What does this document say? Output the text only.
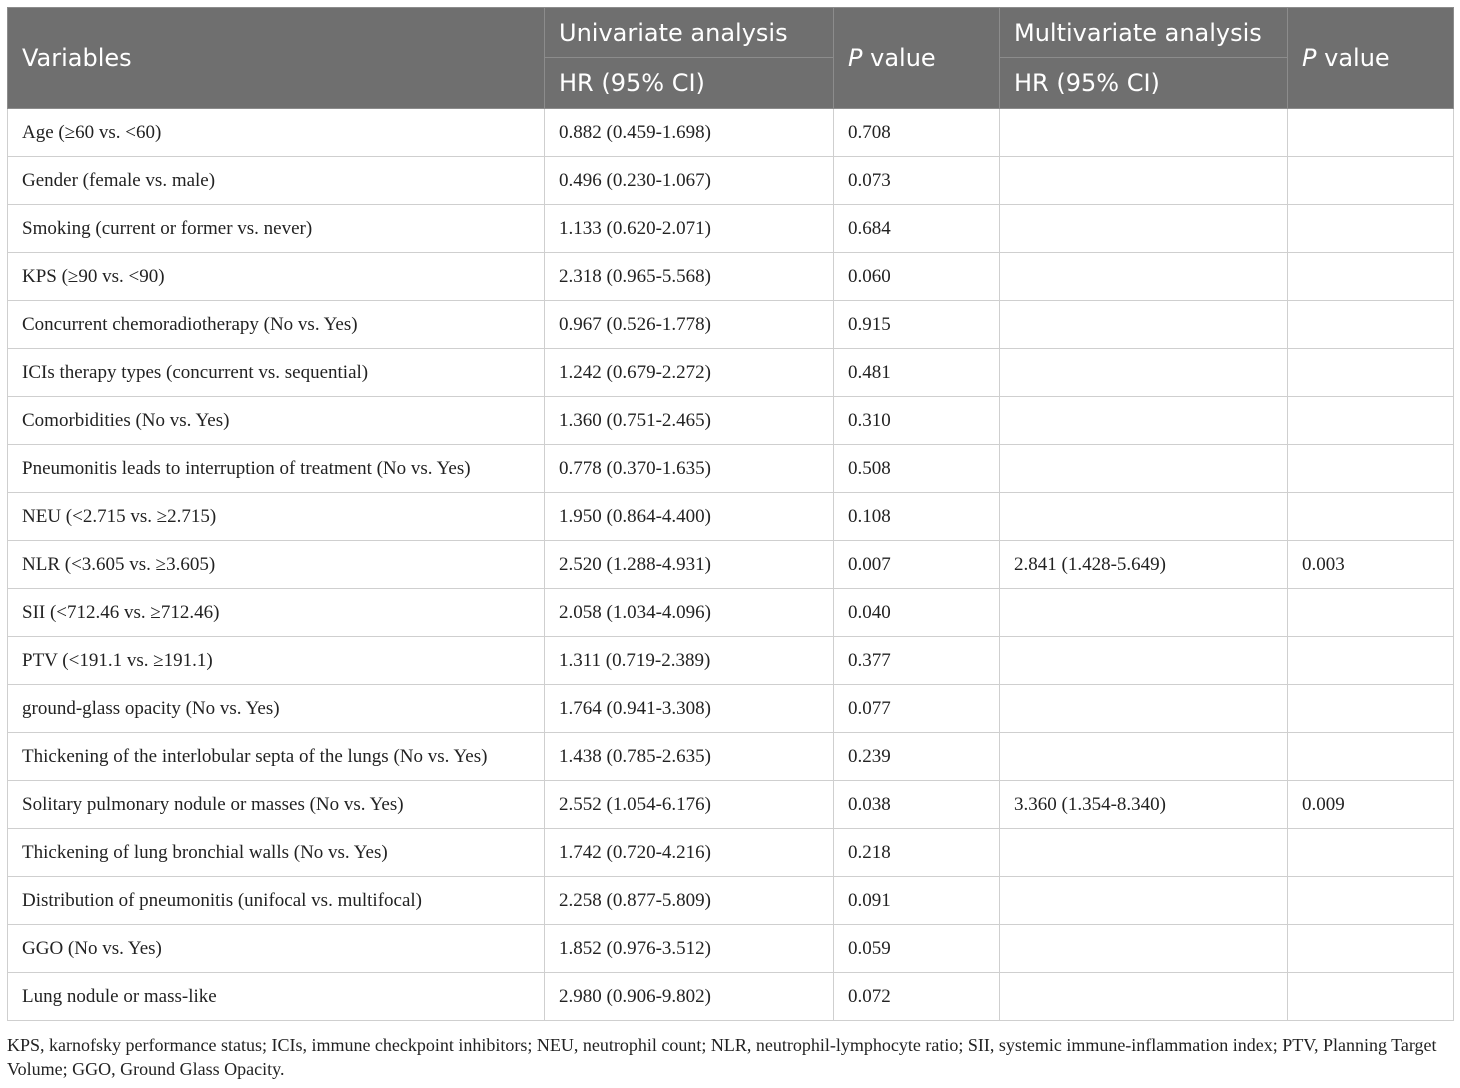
Variables	Univariate analysis	P value	Multivariate analysis	P value
	HR (95% CI)		HR (95% CI)	
Age (≥60 vs. <60)	0.882 (0.459-1.698)	0.708		
Gender (female vs. male)	0.496 (0.230-1.067)	0.073		
Smoking (current or former vs. never)	1.133 (0.620-2.071)	0.684		
KPS (≥90 vs. <90)	2.318 (0.965-5.568)	0.060		
Concurrent chemoradiotherapy (No vs. Yes)	0.967 (0.526-1.778)	0.915		
ICIs therapy types (concurrent vs. sequential)	1.242 (0.679-2.272)	0.481		
Comorbidities (No vs. Yes)	1.360 (0.751-2.465)	0.310		
Pneumonitis leads to interruption of treatment (No vs. Yes)	0.778 (0.370-1.635)	0.508		
NEU (<2.715 vs. ≥2.715)	1.950 (0.864-4.400)	0.108		
NLR (<3.605 vs. ≥3.605)	2.520 (1.288-4.931)	0.007	2.841 (1.428-5.649)	0.003
SII (<712.46 vs. ≥712.46)	2.058 (1.034-4.096)	0.040		
PTV (<191.1 vs. ≥191.1)	1.311 (0.719-2.389)	0.377		
ground-glass opacity (No vs. Yes)	1.764 (0.941-3.308)	0.077		
Thickening of the interlobular septa of the lungs (No vs. Yes)	1.438 (0.785-2.635)	0.239		
Solitary pulmonary nodule or masses (No vs. Yes)	2.552 (1.054-6.176)	0.038	3.360 (1.354-8.340)	0.009
Thickening of lung bronchial walls (No vs. Yes)	1.742 (0.720-4.216)	0.218		
Distribution of pneumonitis (unifocal vs. multifocal)	2.258 (0.877-5.809)	0.091		
GGO (No vs. Yes)	1.852 (0.976-3.512)	0.059		
Lung nodule or mass-like	2.980 (0.906-9.802)	0.072		
KPS, karnofsky performance status; ICIs, immune checkpoint inhibitors; NEU, neutrophil count; NLR, neutrophil-lymphocyte ratio; SII, systemic immune-inflammation index; PTV, Planning Target Volume; GGO, Ground Glass Opacity.
